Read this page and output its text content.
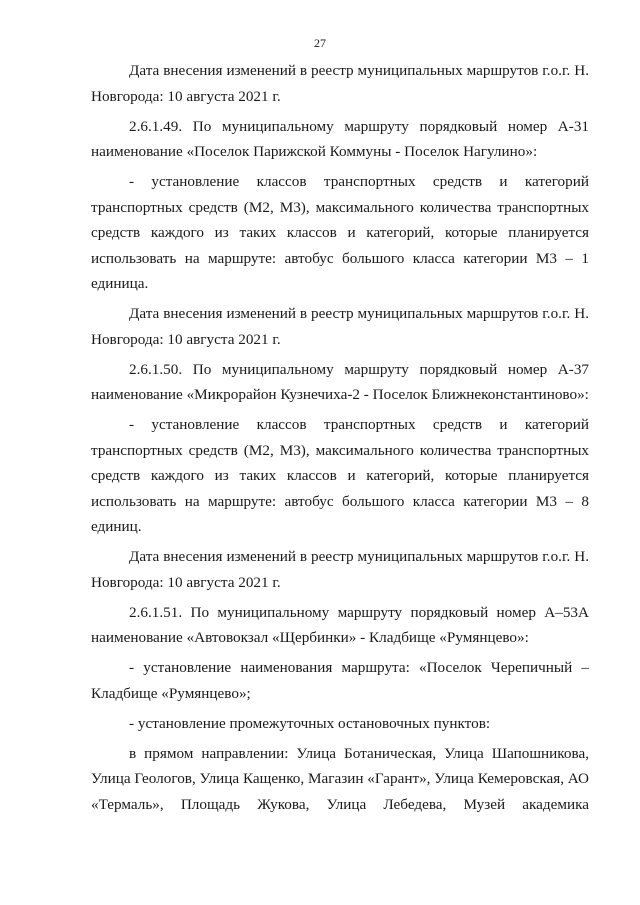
27

Дата внесения изменений в реестр муниципальных маршрутов г.о.г. Н. Новгорода: 10 августа 2021 г.

2.6.1.49. По муниципальному маршруту порядковый номер А-31 наименование «Поселок Парижской Коммуны - Поселок Нагулино»:

- установление классов транспортных средств и категорий транспортных средств (М2, М3), максимального количества транспортных средств каждого из таких классов и категорий, которые планируется использовать на маршруте: автобус большого класса категории М3 – 1 единица.

Дата внесения изменений в реестр муниципальных маршрутов г.о.г. Н. Новгорода: 10 августа 2021 г.

2.6.1.50. По муниципальному маршруту порядковый номер А-37 наименование «Микрорайон Кузнечиха-2 - Поселок Ближнеконстантиново»:

- установление классов транспортных средств и категорий транспортных средств (М2, М3), максимального количества транспортных средств каждого из таких классов и категорий, которые планируется использовать на маршруте: автобус большого класса категории М3 – 8 единиц.

Дата внесения изменений в реестр муниципальных маршрутов г.о.г. Н. Новгорода: 10 августа 2021 г.

2.6.1.51. По муниципальному маршруту порядковый номер А–53А наименование «Автовокзал «Щербинки» - Кладбище «Румянцево»:

- установление наименования маршрута: «Поселок Черепичный – Кладбище «Румянцево»;

- установление промежуточных остановочных пунктов:

в прямом направлении: Улица Ботаническая, Улица Шапошникова, Улица Геологов, Улица Кащенко, Магазин «Гарант», Улица Кемеровская, АО «Термаль», Площадь Жукова, Улица Лебедева, Музей академика
